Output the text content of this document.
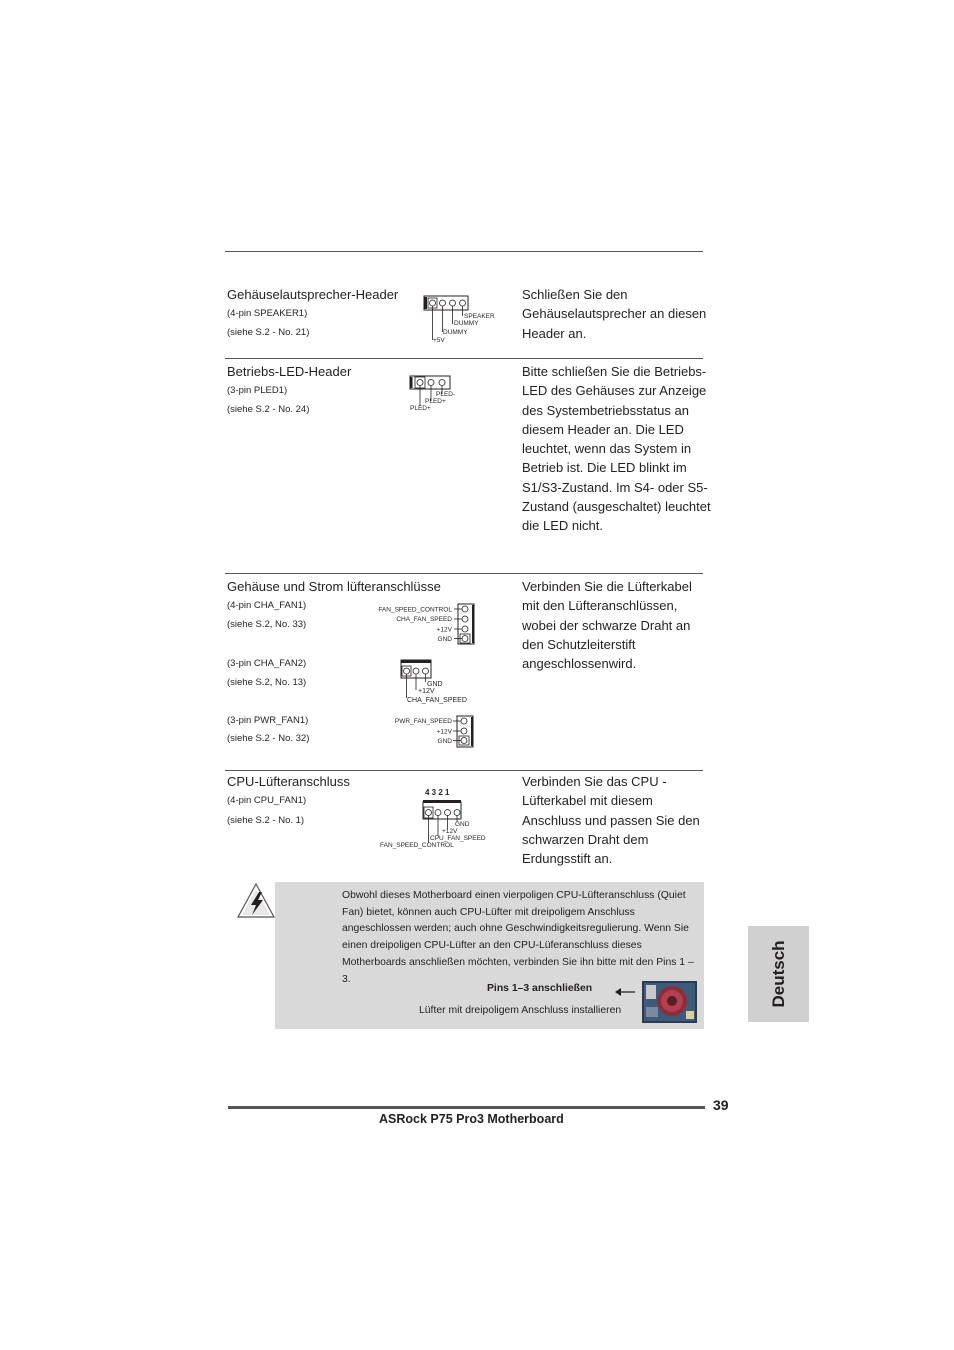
Gehäuselautsprecher-Header
(4-pin SPEAKER1)
(siehe S.2 - No. 21)
SPEAKER
DUMMY
DUMMY
+5V
Schließen Sie den Gehäuselautsprecher an diesen Header an.
Betriebs-LED-Header
(3-pin PLED1)
(siehe S.2 - No. 24)
PLED-
PLED+
PLED+
Bitte schließen Sie die Betriebs-LED des Gehäuses zur Anzeige des Systembetriebsstatus an diesem Header an. Die LED leuchtet, wenn das System in Betrieb ist. Die LED blinkt im S1/S3-Zustand. Im S4- oder S5-Zustand (ausgeschaltet) leuchtet die LED nicht.
Gehäuse und Strom lüfteranschlüsse
(4-pin CHA_FAN1)
(siehe S.2, No. 33)
(3-pin CHA_FAN2)
(siehe S.2, No. 13)
(3-pin PWR_FAN1)
(siehe S.2 - No. 32)
FAN_SPEED_CONTROL
CHA_FAN_SPEED
+12V
GND
GND
+12V
CHA_FAN_SPEED
PWR_FAN_SPEED
+12V
GND
Verbinden Sie die Lüfterkabel mit den Lüfteranschlüssen, wobei der schwarze Draht an den Schutzleiterstift angeschlossenwird.
CPU-Lüfteranschluss
(4-pin CPU_FAN1)
(siehe S.2 - No. 1)
4 3 2 1
GND
+12V
CPU_FAN_SPEED
FAN_SPEED_CONTROL
Verbinden Sie das CPU - Lüfterkabel mit diesem Anschluss und passen Sie den schwarzen Draht dem Erdungsstift an.
Obwohl dieses Motherboard einen vierpoligen CPU-Lüfteranschluss (Quiet Fan) bietet, können auch CPU-Lüfter mit dreipoligem Anschluss angeschlossen werden; auch ohne Geschwindigkeitsregulierung. Wenn Sie einen dreipoligen CPU-Lüfter an den CPU-Lüferanschluss dieses Motherboards anschließen möchten, verbinden Sie ihn bitte mit den Pins 1 – 3.
Pins 1–3 anschließen
Lüfter mit dreipoligem Anschluss installieren
Deutsch
39
ASRock P75 Pro3 Motherboard
